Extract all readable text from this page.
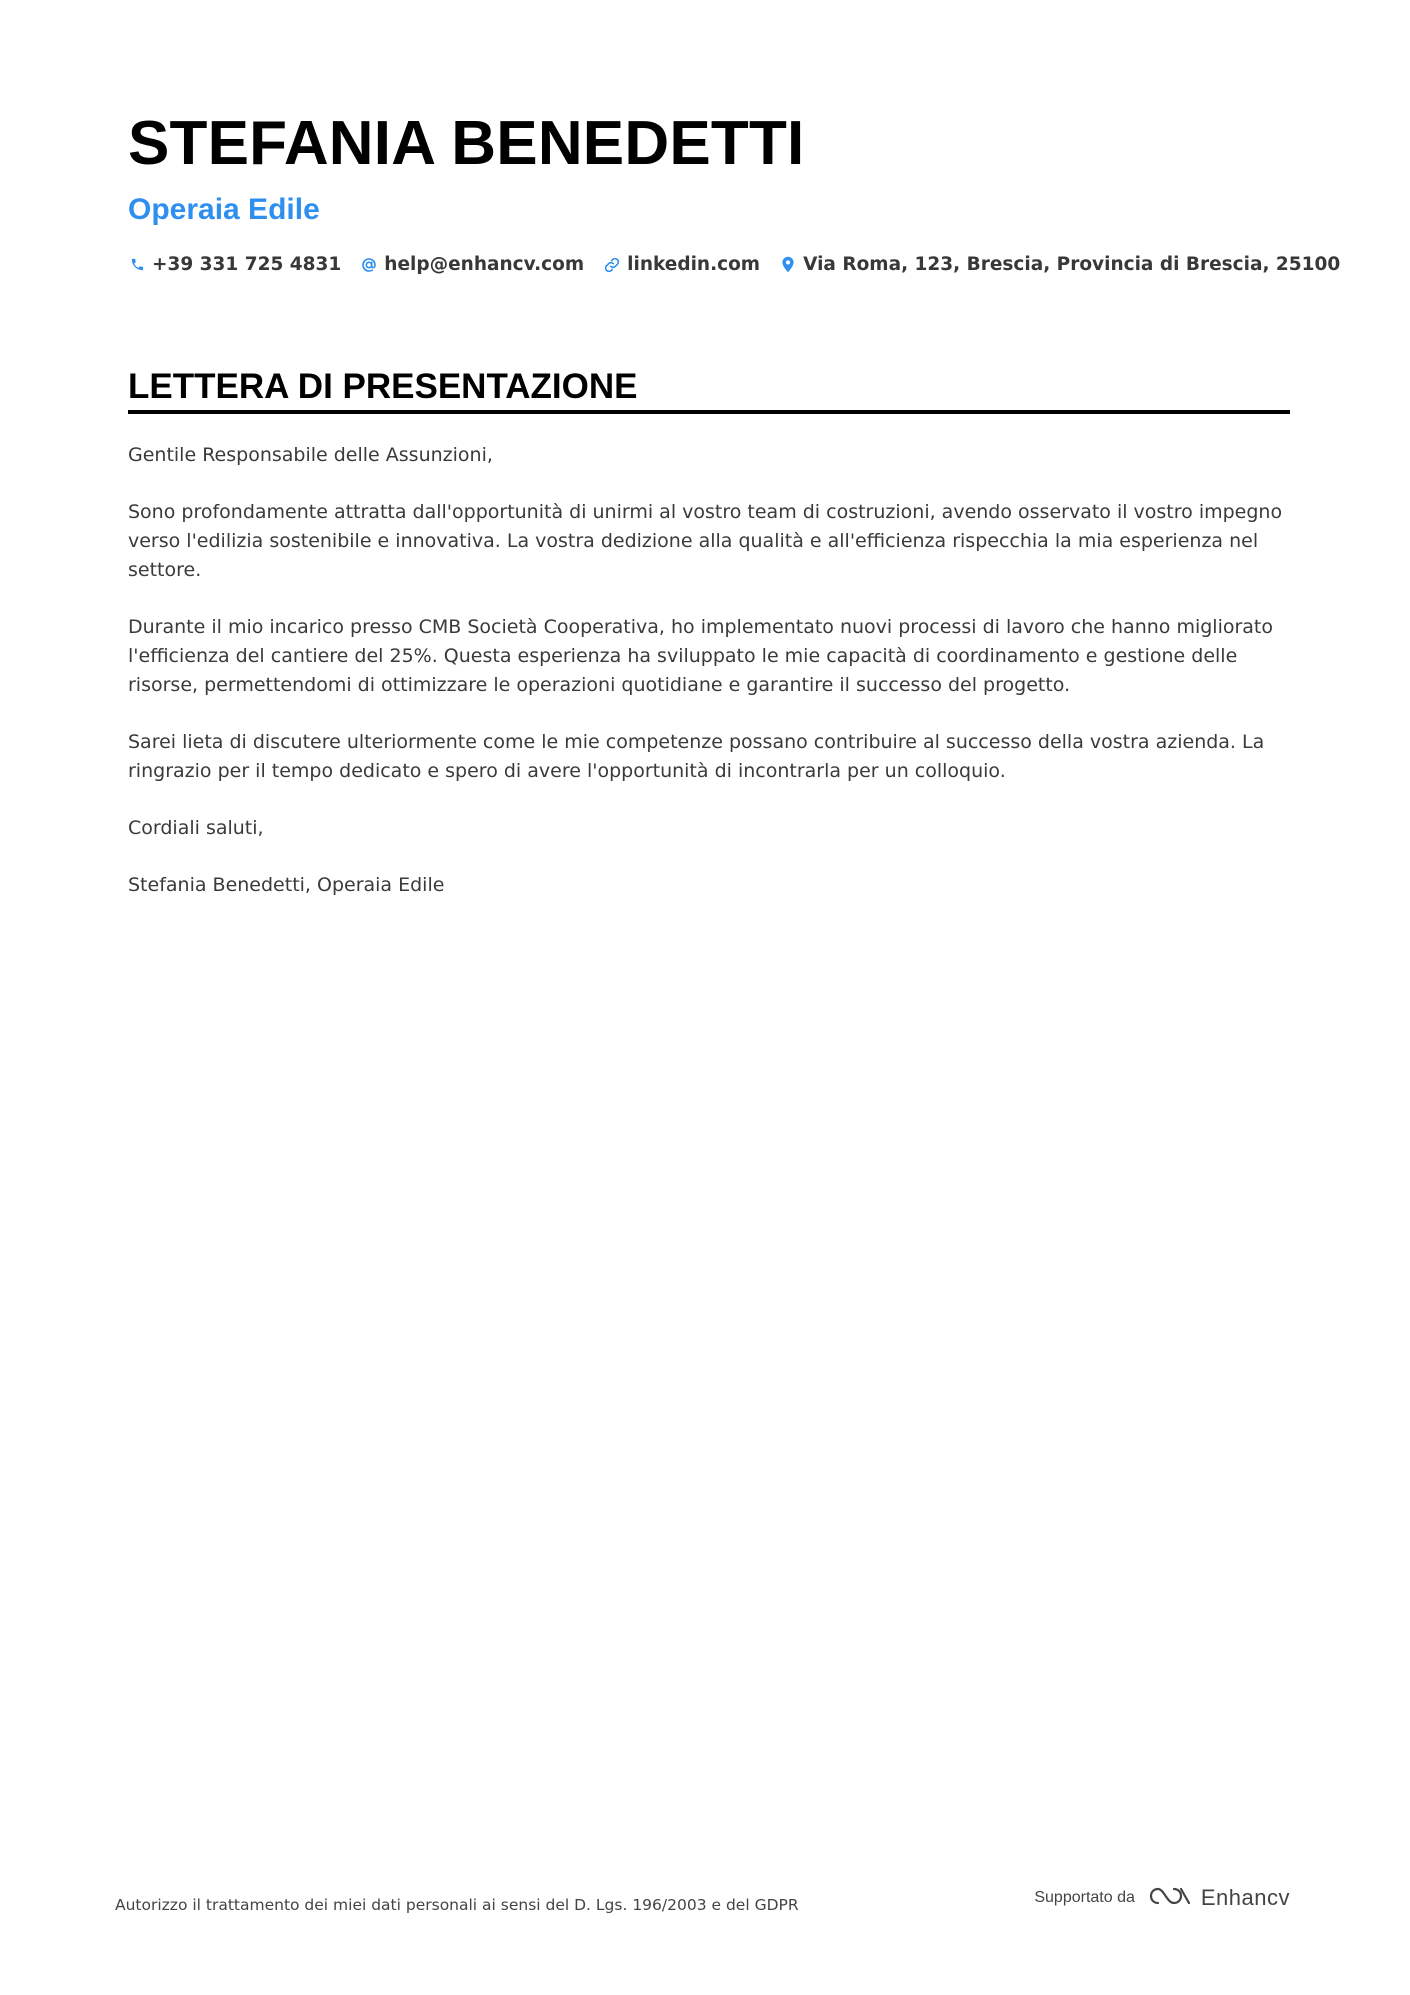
STEFANIA BENEDETTI
Operaia Edile
+39 331 725 4831 help@enhancv.com linkedin.com Via Roma, 123, Brescia, Provincia di Brescia, 25100
LETTERA DI PRESENTAZIONE

Gentile Responsabile delle Assunzioni,

Sono profondamente attratta dall'opportunità di unirmi al vostro team di costruzioni, avendo osservato il vostro impegno verso l'edilizia sostenibile e innovativa. La vostra dedizione alla qualità e all'efficienza rispecchia la mia esperienza nel settore.

Durante il mio incarico presso CMB Società Cooperativa, ho implementato nuovi processi di lavoro che hanno migliorato l'efficienza del cantiere del 25%. Questa esperienza ha sviluppato le mie capacità di coordinamento e gestione delle risorse, permettendomi di ottimizzare le operazioni quotidiane e garantire il successo del progetto.

Sarei lieta di discutere ulteriormente come le mie competenze possano contribuire al successo della vostra azienda. La ringrazio per il tempo dedicato e spero di avere l'opportunità di incontrarla per un colloquio.

Cordiali saluti,

Stefania Benedetti, Operaia Edile

Autorizzo il trattamento dei miei dati personali ai sensi del D. Lgs. 196/2003 e del GDPR	Supportato da	Enhancv
